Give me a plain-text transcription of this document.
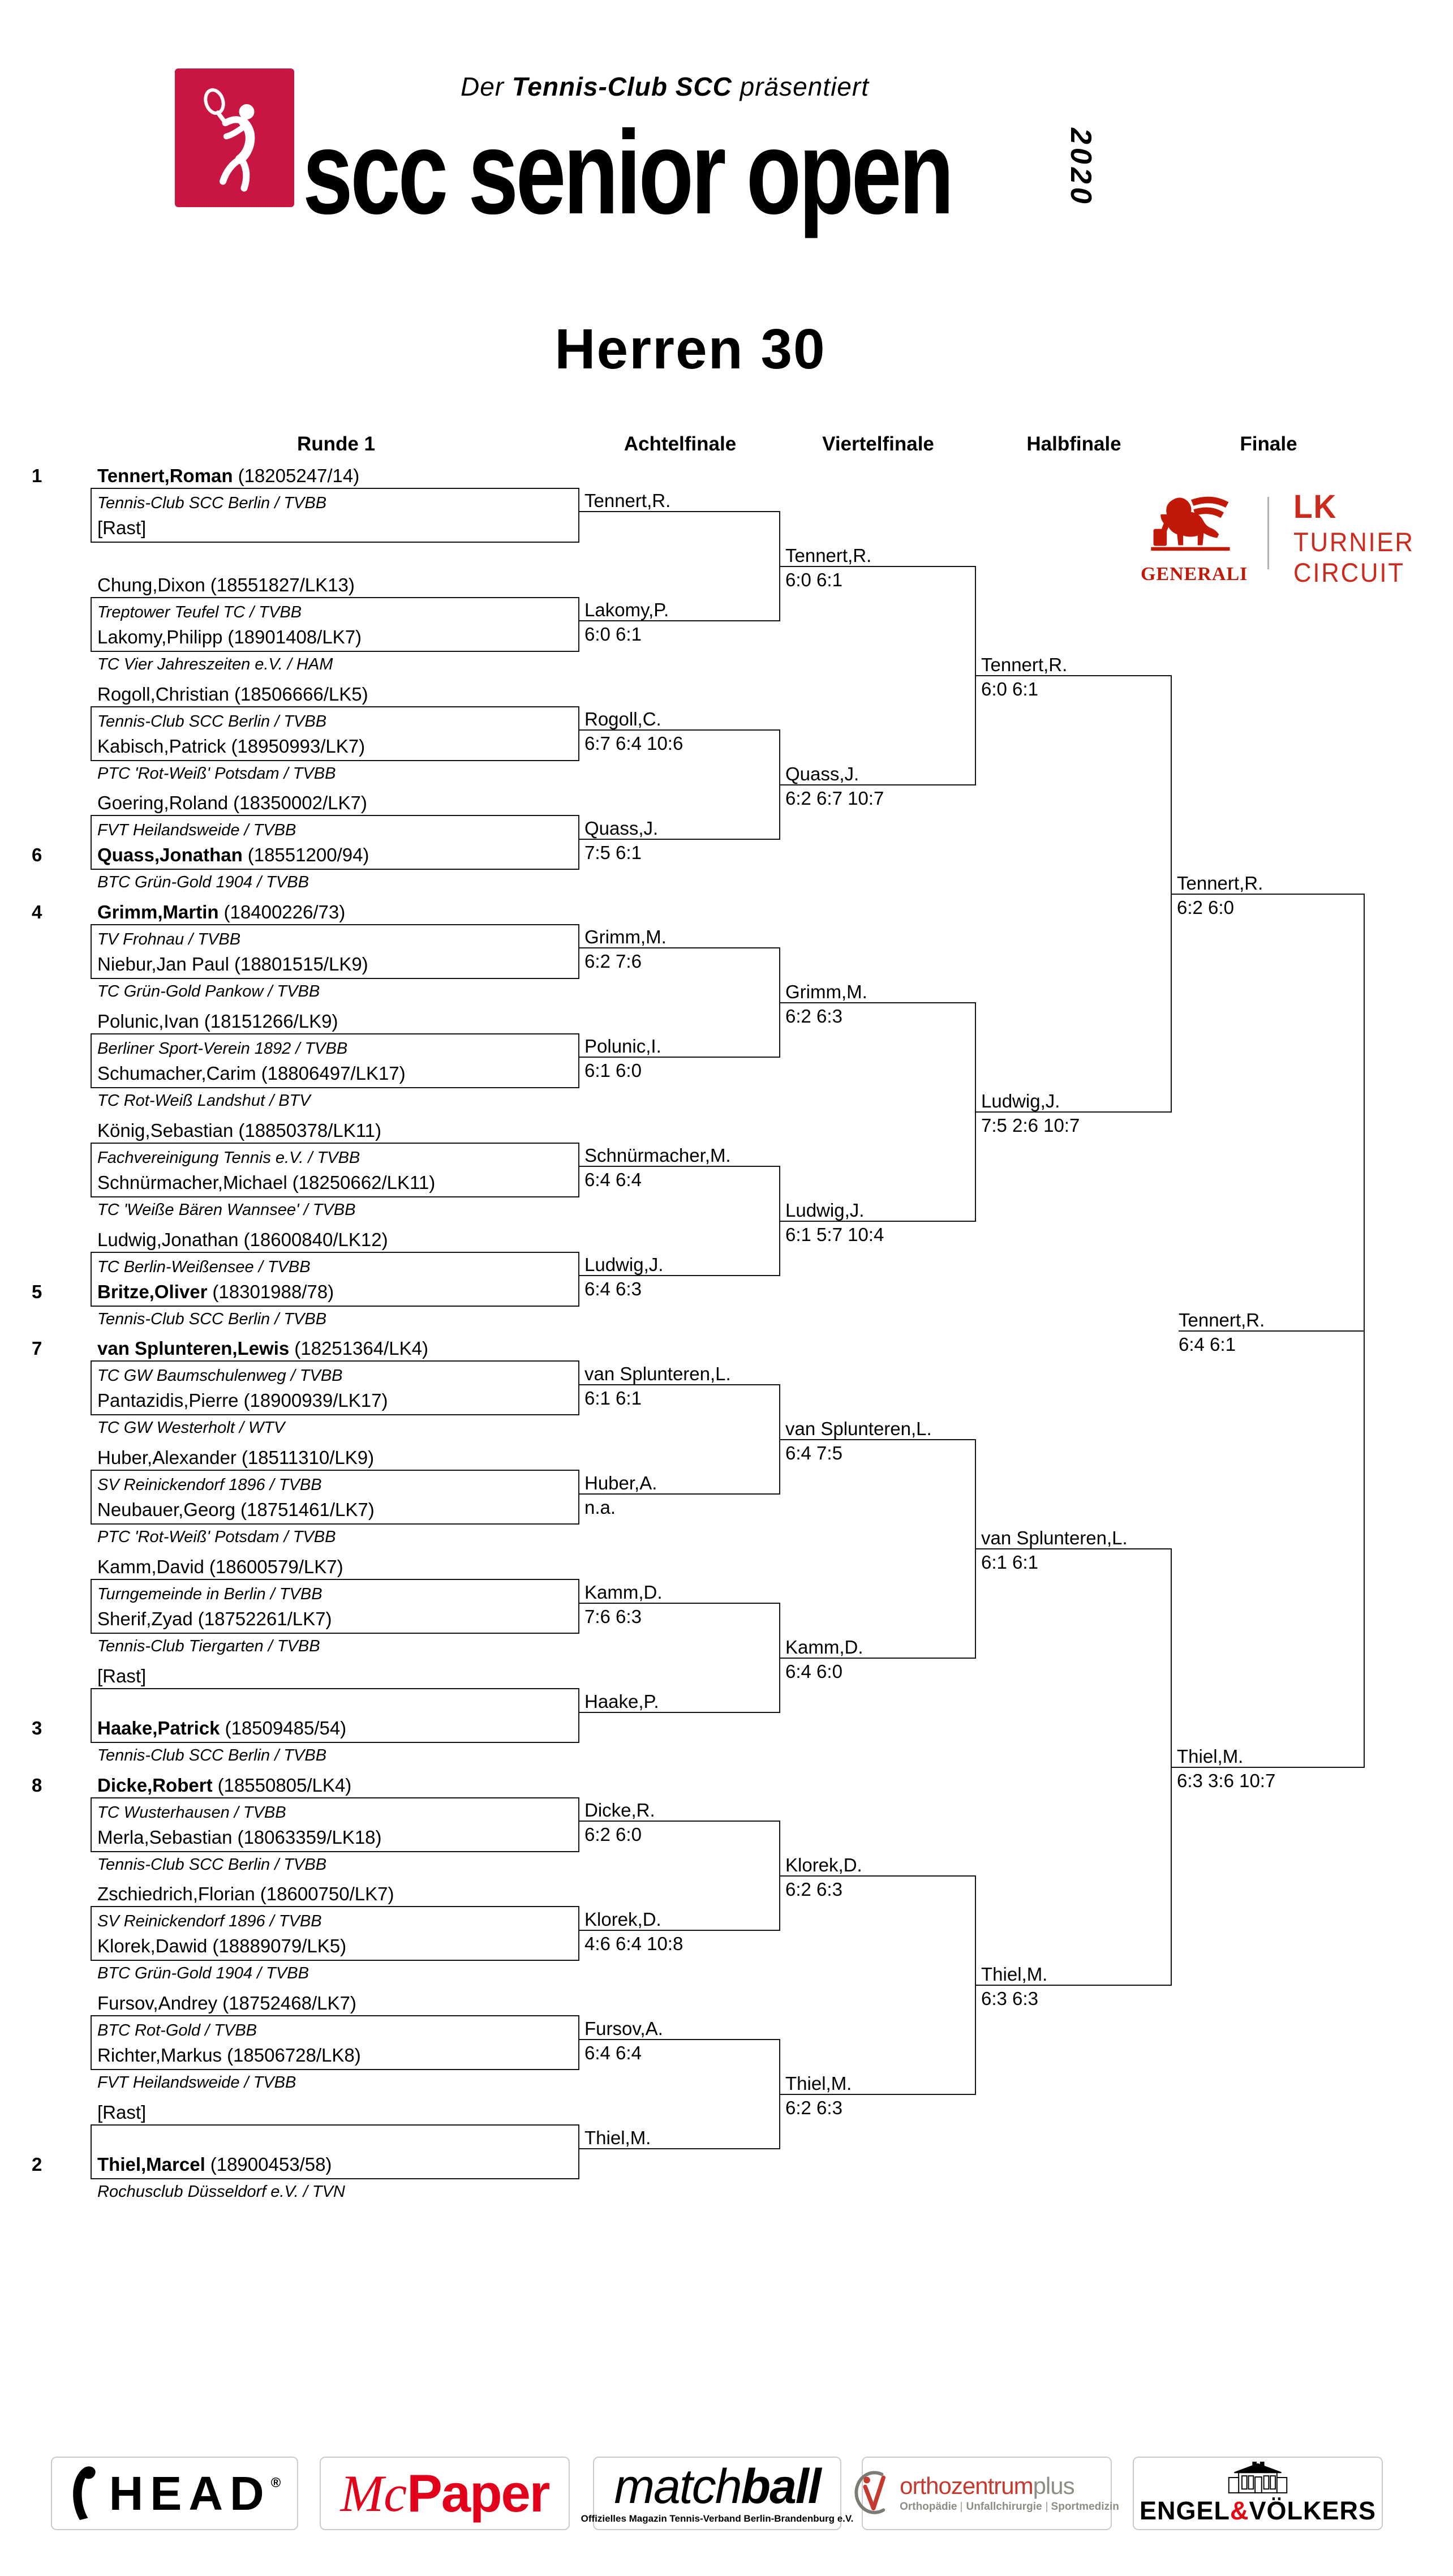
Der Tennis-Club SCC präsentiert
scc senior open	2020
Herren 30
Runde 1	Achtelfinale	Viertelfinale	Halbfinale	Finale
GENERALI
LK
TURNIER
CIRCUIT
1	Tennert,Roman (18205247/14)
Tennis-Club SCC Berlin / TVBB
[Rast]
Chung,Dixon (18551827/LK13)
Treptower Teufel TC / TVBB
Lakomy,Philipp (18901408/LK7)
TC Vier Jahreszeiten e.V. / HAM
Rogoll,Christian (18506666/LK5)
Tennis-Club SCC Berlin / TVBB
Kabisch,Patrick (18950993/LK7)
PTC 'Rot-Weiß' Potsdam / TVBB
Goering,Roland (18350002/LK7)
FVT Heilandsweide / TVBB
6	Quass,Jonathan (18551200/94)
BTC Grün-Gold 1904 / TVBB
4	Grimm,Martin (18400226/73)
TV Frohnau / TVBB
Niebur,Jan Paul (18801515/LK9)
TC Grün-Gold Pankow / TVBB
Polunic,Ivan (18151266/LK9)
Berliner Sport-Verein 1892 / TVBB
Schumacher,Carim (18806497/LK17)
TC Rot-Weiß Landshut / BTV
König,Sebastian (18850378/LK11)
Fachvereinigung Tennis e.V. / TVBB
Schnürmacher,Michael (18250662/LK11)
TC 'Weiße Bären Wannsee' / TVBB
Ludwig,Jonathan (18600840/LK12)
TC Berlin-Weißensee / TVBB
5	Britze,Oliver (18301988/78)
Tennis-Club SCC Berlin / TVBB
7	van Splunteren,Lewis (18251364/LK4)
TC GW Baumschulenweg / TVBB
Pantazidis,Pierre (18900939/LK17)
TC GW Westerholt / WTV
Huber,Alexander (18511310/LK9)
SV Reinickendorf 1896 / TVBB
Neubauer,Georg (18751461/LK7)
PTC 'Rot-Weiß' Potsdam / TVBB
Kamm,David (18600579/LK7)
Turngemeinde in Berlin / TVBB
Sherif,Zyad (18752261/LK7)
Tennis-Club Tiergarten / TVBB
[Rast]
3	Haake,Patrick (18509485/54)
Tennis-Club SCC Berlin / TVBB
8	Dicke,Robert (18550805/LK4)
TC Wusterhausen / TVBB
Merla,Sebastian (18063359/LK18)
Tennis-Club SCC Berlin / TVBB
Zschiedrich,Florian (18600750/LK7)
SV Reinickendorf 1896 / TVBB
Klorek,Dawid (18889079/LK5)
BTC Grün-Gold 1904 / TVBB
Fursov,Andrey (18752468/LK7)
BTC Rot-Gold / TVBB
Richter,Markus (18506728/LK8)
FVT Heilandsweide / TVBB
[Rast]
2	Thiel,Marcel (18900453/58)
Rochusclub Düsseldorf e.V. / TVN
Tennert,R.
Lakomy,P.
6:0 6:1
Rogoll,C.
6:7 6:4 10:6
Quass,J.
7:5 6:1
Grimm,M.
6:2 7:6
Polunic,I.
6:1 6:0
Schnürmacher,M.
6:4 6:4
Ludwig,J.
6:4 6:3
van Splunteren,L.
6:1 6:1
Huber,A.
n.a.
Kamm,D.
7:6 6:3
Haake,P.
Dicke,R.
6:2 6:0
Klorek,D.
4:6 6:4 10:8
Fursov,A.
6:4 6:4
Thiel,M.
Tennert,R.
6:0 6:1
Quass,J.
6:2 6:7 10:7
Grimm,M.
6:2 6:3
Ludwig,J.
6:1 5:7 10:4
van Splunteren,L.
6:4 7:5
Kamm,D.
6:4 6:0
Klorek,D.
6:2 6:3
Thiel,M.
6:2 6:3
Tennert,R.
6:0 6:1
Ludwig,J.
7:5 2:6 10:7
van Splunteren,L.
6:1 6:1
Thiel,M.
6:3 6:3
Tennert,R.
6:2 6:0
Thiel,M.
6:3 3:6 10:7
Tennert,R.
6:4 6:1
HEAD® Mc Paper matchball
Offizielles Magazin Tennis-Verband Berlin-Brandenburg e.V.
orthozentrumplus
Orthopädie Unfallchirurgie Sportmedizin ENGEL&VÖLKERS
